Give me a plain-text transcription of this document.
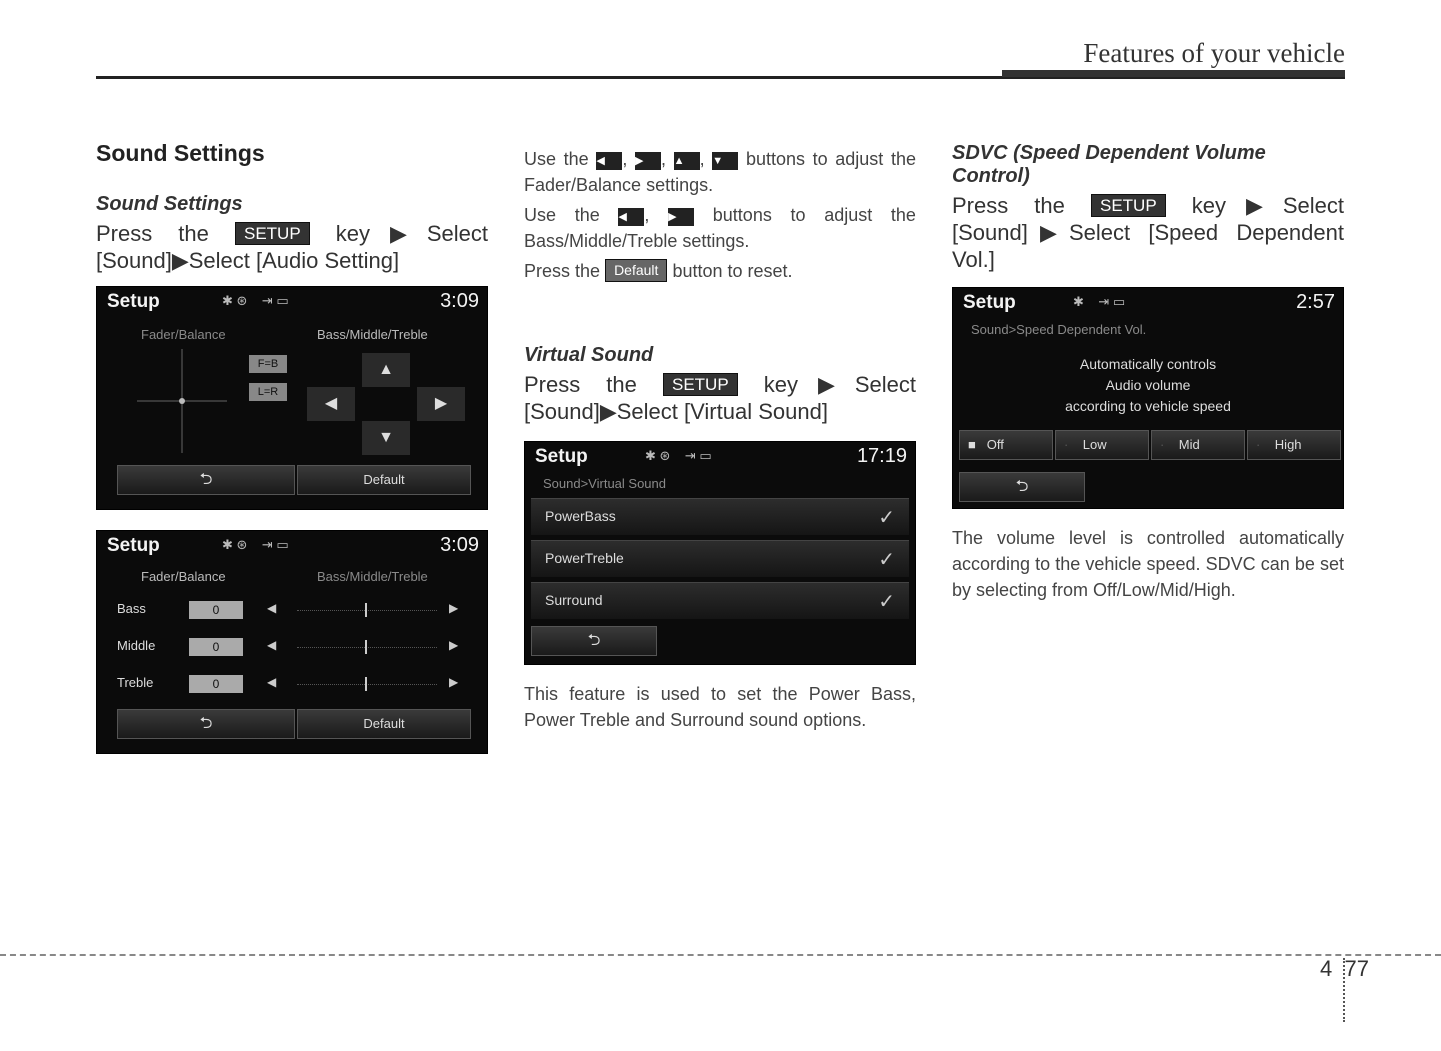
Features of your vehicle
Sound Settings
Sound Settings

Press the SETUP key▶Select [Sound]▶Select [Audio Setting]

Setup	✱ ⊛    ⇥ ▭	3:09
Fader/Balance	Bass/Middle/Treble
F=B
L=R
▲
◀	▶
▼
⮌	Default
Setup	✱ ⊛    ⇥ ▭	3:09
Fader/Balance	Bass/Middle/Treble
Bass	0	◀	▶
Middle	0	◀	▶
Treble	0	◀	▶
⮌	Default

Use the ◀ , ▶ , ▲ , ▼ buttons to adjust the Fader/Balance settings.

Use the ◀ , ▶ buttons to adjust the Bass/Middle/Treble settings.

Press the Default button to reset.

Virtual Sound

Press the SETUP key▶Select [Sound]▶Select [Virtual Sound]

Setup	✱ ⊛    ⇥ ▭	17:19
Sound>Virtual Sound
PowerBass	✓
PowerTreble	✓
Surround	✓
⮌

This feature is used to set the Power Bass, Power Treble and Surround sound options.

SDVC (Speed Dependent Volume Control)

Press the SETUP key▶Select [Sound]▶Select [Speed Dependent Vol.]

Setup	✱    ⇥ ▭	2:57
Sound>Speed Dependent Vol.
Automatically controls
Audio volume
according to vehicle speed
■ Off	· Low	· Mid	· High
⮌

The volume level is controlled automatically according to the vehicle speed. SDVC can be set by selecting from Off/Low/Mid/High.

4 77
